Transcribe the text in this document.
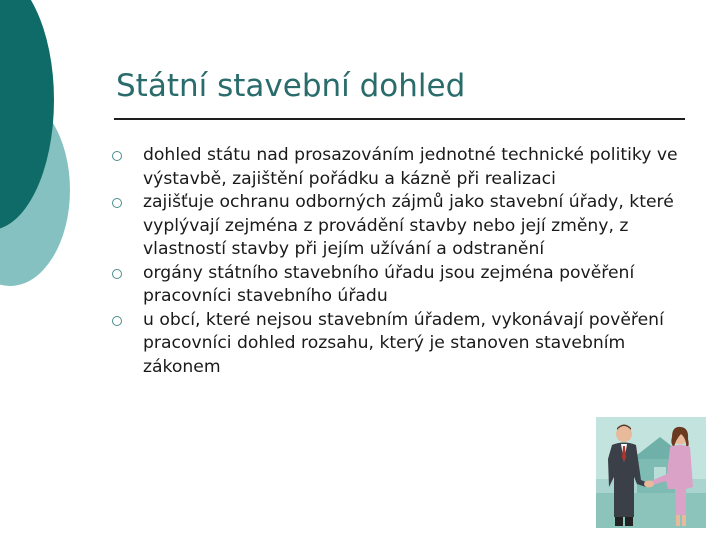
Státní stavební dohled
dohled státu nad prosazováním jednotné technické politiky ve výstavbě, zajištění pořádku a kázně při realizaci
zajišťuje ochranu odborných zájmů jako stavební úřady, které vyplývají zejména z provádění stavby nebo její změny, z vlastností stavby při jejím užívání a odstranění
orgány státního stavebního úřadu jsou zejména pověření pracovníci stavebního úřadu
u obcí, které nejsou stavebním úřadem, vykonávají pověření pracovníci dohled rozsahu, který je stanoven stavebním zákonem
